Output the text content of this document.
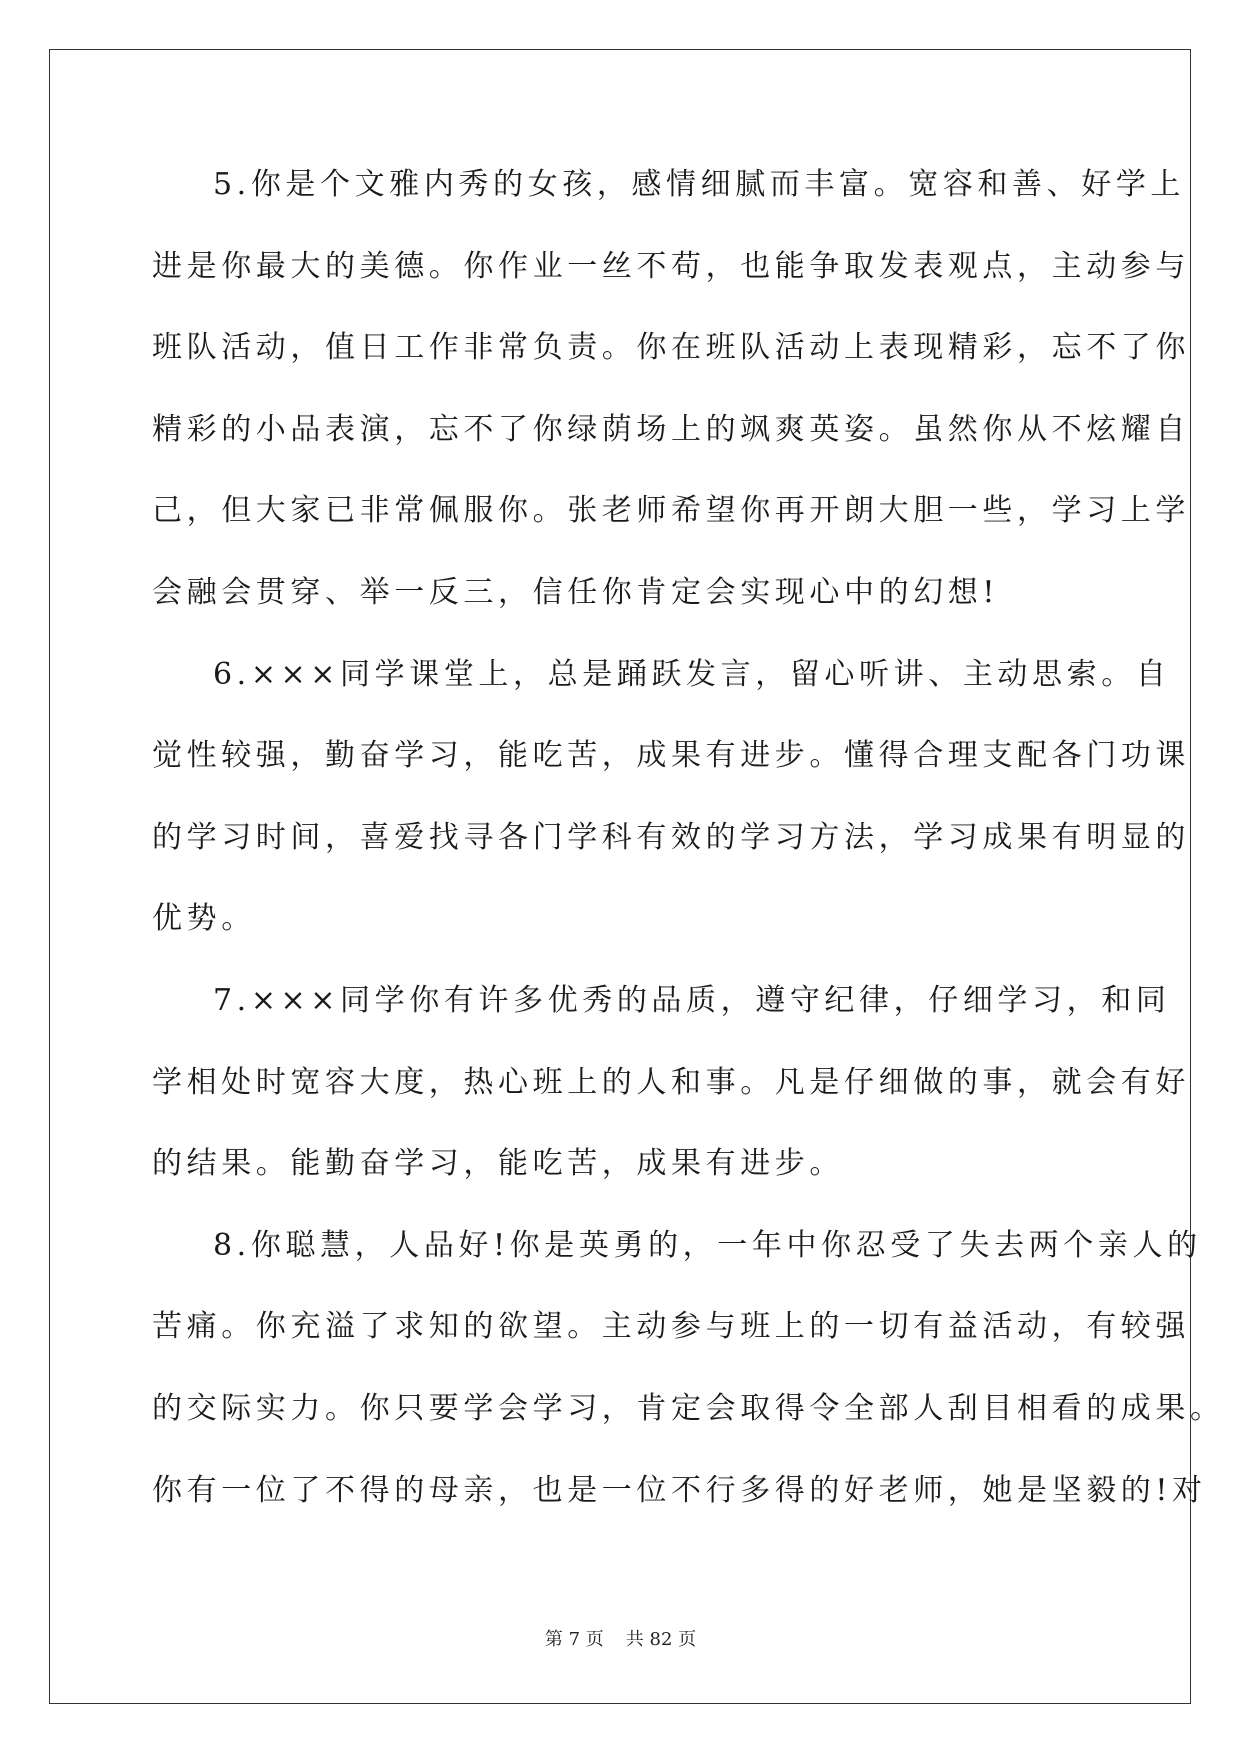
5.你是个文雅内秀的女孩，感情细腻而丰富。宽容和善、好学上
进是你最大的美德。你作业一丝不苟，也能争取发表观点，主动参与
班队活动，值日工作非常负责。你在班队活动上表现精彩，忘不了你
精彩的小品表演，忘不了你绿荫场上的飒爽英姿。虽然你从不炫耀自
己，但大家已非常佩服你。张老师希望你再开朗大胆一些，学习上学
会融会贯穿、举一反三，信任你肯定会实现心中的幻想!
6.×××同学课堂上，总是踊跃发言，留心听讲、主动思索。自
觉性较强，勤奋学习，能吃苦，成果有进步。懂得合理支配各门功课
的学习时间，喜爱找寻各门学科有效的学习方法，学习成果有明显的
优势。
7.×××同学你有许多优秀的品质，遵守纪律，仔细学习，和同
学相处时宽容大度，热心班上的人和事。凡是仔细做的事，就会有好
的结果。能勤奋学习，能吃苦，成果有进步。
8.你聪慧，人品好!你是英勇的，一年中你忍受了失去两个亲人的
苦痛。你充溢了求知的欲望。主动参与班上的一切有益活动，有较强
的交际实力。你只要学会学习，肯定会取得令全部人刮目相看的成果。
你有一位了不得的母亲，也是一位不行多得的好老师，她是坚毅的!对
第 7 页 共 82 页
